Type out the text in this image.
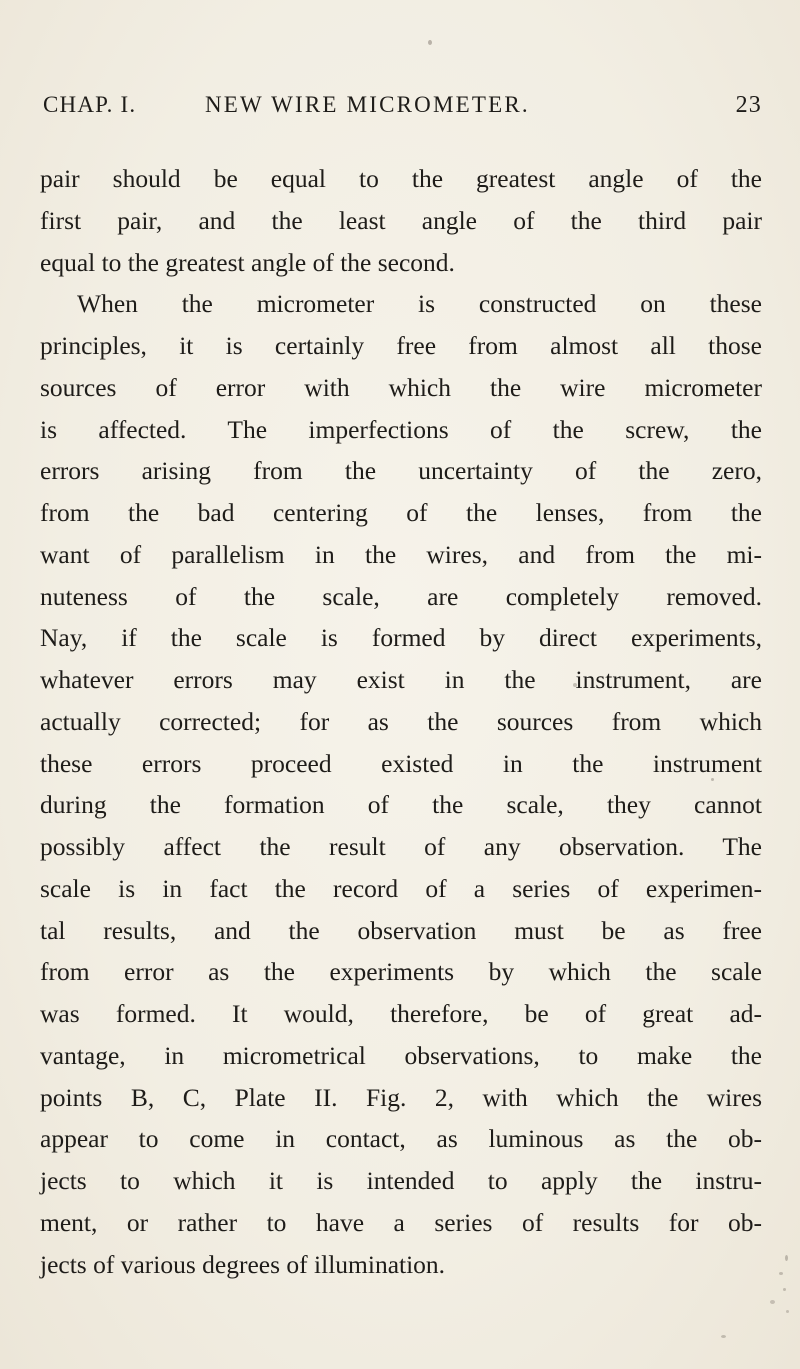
CHAP. I.	NEW WIRE MICROMETER.	23
pair should be equal to the greatest angle of the
first pair, and the least angle of the third pair
equal to the greatest angle of the second.
When the micrometer is constructed on these
principles, it is certainly free from almost all those
sources of error with which the wire micrometer
is affected. The imperfections of the screw, the
errors arising from the uncertainty of the zero,
from the bad centering of the lenses, from the
want of parallelism in the wires, and from the mi-
nuteness of the scale, are completely removed.
Nay, if the scale is formed by direct experiments,
whatever errors may exist in the instrument, are
actually corrected; for as the sources from which
these errors proceed existed in the instrument
during the formation of the scale, they cannot
possibly affect the result of any observation. The
scale is in fact the record of a series of experimen-
tal results, and the observation must be as free
from error as the experiments by which the scale
was formed. It would, therefore, be of great ad-
vantage, in micrometrical observations, to make the
points B, C, Plate II. Fig. 2, with which the wires
appear to come in contact, as luminous as the ob-
jects to which it is intended to apply the instru-
ment, or rather to have a series of results for ob-
jects of various degrees of illumination.
